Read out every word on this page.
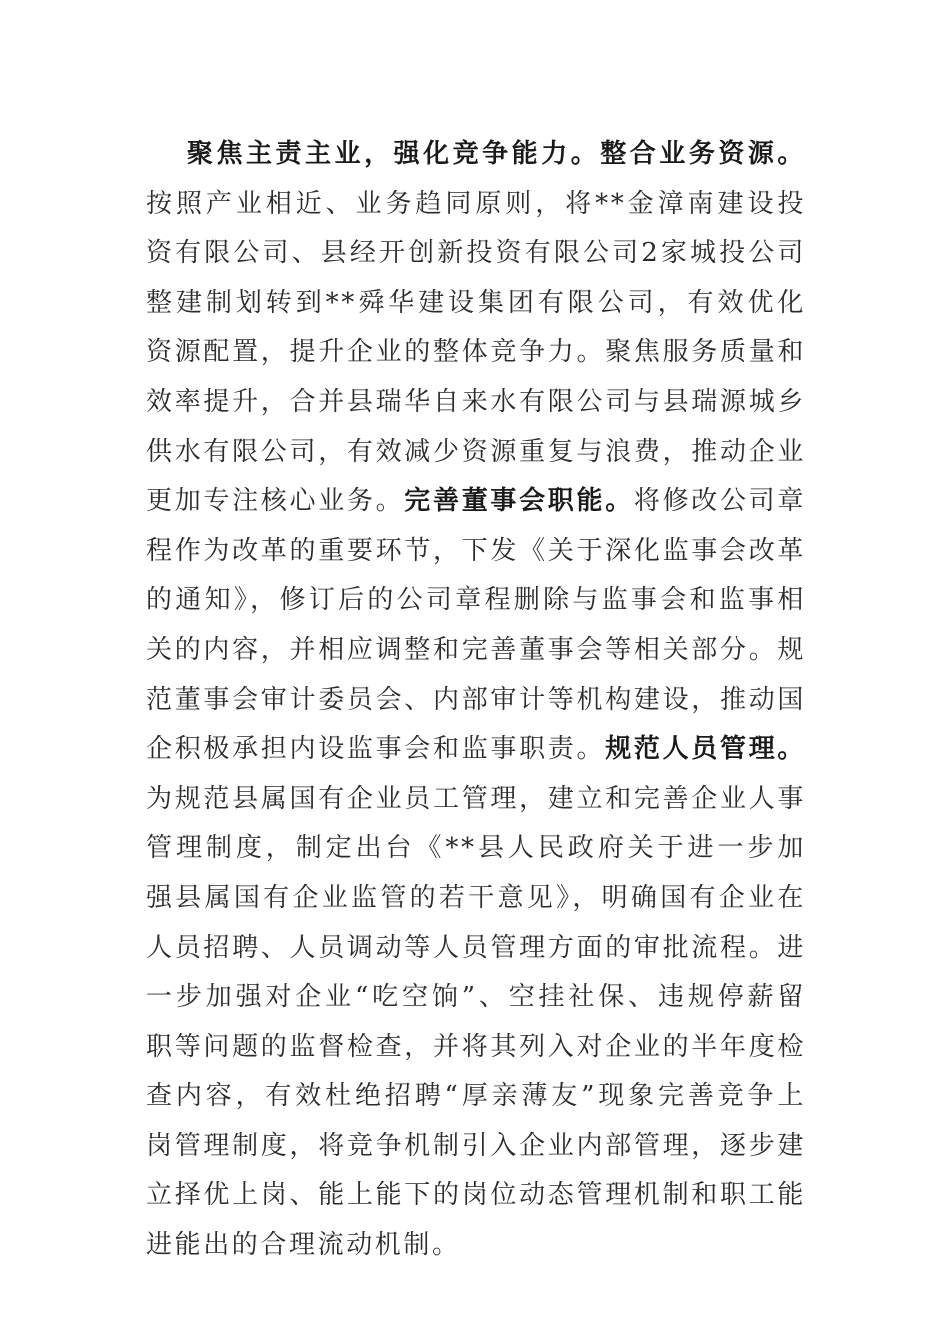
聚焦主责主业，强化竞争能力。整合业务资源。按照产业相近、业务趋同原则，将**金漳南建设投资有限公司、县经开创新投资有限公司2家城投公司整建制划转到**舜华建设集团有限公司，有效优化资源配置，提升企业的整体竞争力。聚焦服务质量和效率提升，合并县瑞华自来水有限公司与县瑞源城乡供水有限公司，有效减少资源重复与浪费，推动企业更加专注核心业务。完善董事会职能。将修改公司章程作为改革的重要环节，下发《关于深化监事会改革的通知》，修订后的公司章程删除与监事会和监事相关的内容，并相应调整和完善董事会等相关部分。规范董事会审计委员会、内部审计等机构建设，推动国企积极承担内设监事会和监事职责。规范人员管理。为规范县属国有企业员工管理，建立和完善企业人事管理制度，制定出台《**县人民政府关于进一步加强县属国有企业监管的若干意见》，明确国有企业在人员招聘、人员调动等人员管理方面的审批流程。进一步加强对企业“吃空饷”、空挂社保、违规停薪留职等问题的监督检查，并将其列入对企业的半年度检查内容，有效杜绝招聘“厚亲薄友”现象完善竞争上岗管理制度，将竞争机制引入企业内部管理，逐步建立择优上岗、能上能下的岗位动态管理机制和职工能进能出的合理流动机制。
